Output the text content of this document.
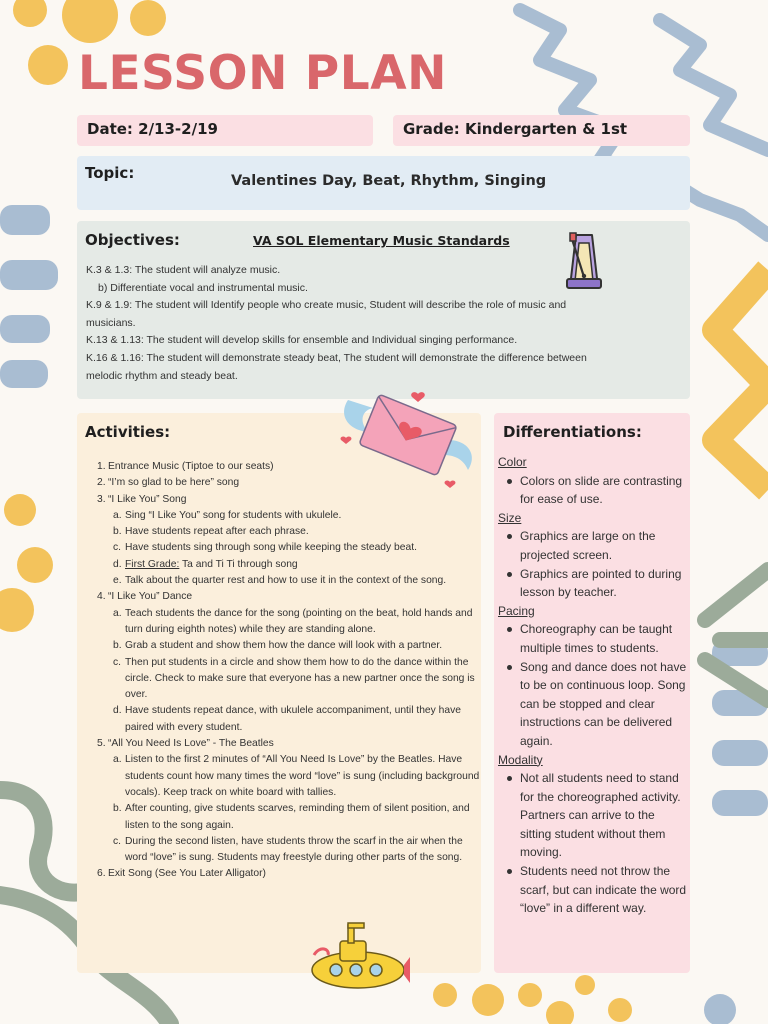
LESSON PLAN
Date: 2/13-2/19	Grade: Kindergarten & 1st
Topic:	Valentines Day, Beat, Rhythm, Singing
Objectives:	VA SOL Elementary Music Standards
K.3 & 1.3: The student will analyze music.
b) Differentiate vocal and instrumental music.
K.9 & 1.9: The student will Identify people who create music, Student will describe the role of music and
musicians.
K.13 & 1.13: The student will develop skills for ensemble and Individual singing performance.
K.16 & 1.16: The student will demonstrate steady beat, The student will demonstrate the difference between
melodic rhythm and steady beat.
Activities:
1. Entrance Music (Tiptoe to our seats)
2. “I’m so glad to be here” song
3. “I Like You” Song
a. Sing “I Like You” song for students with ukulele.
b. Have students repeat after each phrase.
c. Have students sing through song while keeping the steady beat.
d. First Grade: Ta and Ti Ti through song
e. Talk about the quarter rest and how to use it in the context of the song.
4. “I Like You” Dance
a. Teach students the dance for the song (pointing on the beat, hold hands and turn during eighth notes) while they are standing alone.
b. Grab a student and show them how the dance will look with a partner.
c. Then put students in a circle and show them how to do the dance within the circle. Check to make sure that everyone has a new partner once the song is over.
d. Have students repeat dance, with ukulele accompaniment, until they have paired with every student.
5. “All You Need Is Love” - The Beatles
a. Listen to the first 2 minutes of “All You Need Is Love” by the Beatles. Have students count how many times the word “love” is sung (including background vocals). Keep track on white board with tallies.
b. After counting, give students scarves, reminding them of silent position, and listen to the song again.
c. During the second listen, have students throw the scarf in the air when the word “love” is sung. Students may freestyle during other parts of the song.
6. Exit Song (See You Later Alligator)
Differentiations:
Color
Colors on slide are contrasting for ease of use.
Size
Graphics are large on the projected screen.
Graphics are pointed to during lesson by teacher.
Pacing
Choreography can be taught multiple times to students.
Song and dance does not have to be on continuous loop. Song can be stopped and clear instructions can be delivered again.
Modality
Not all students need to stand for the choreographed activity. Partners can arrive to the sitting student without them moving.
Students need not throw the scarf, but can indicate the word “love” in a different way.
